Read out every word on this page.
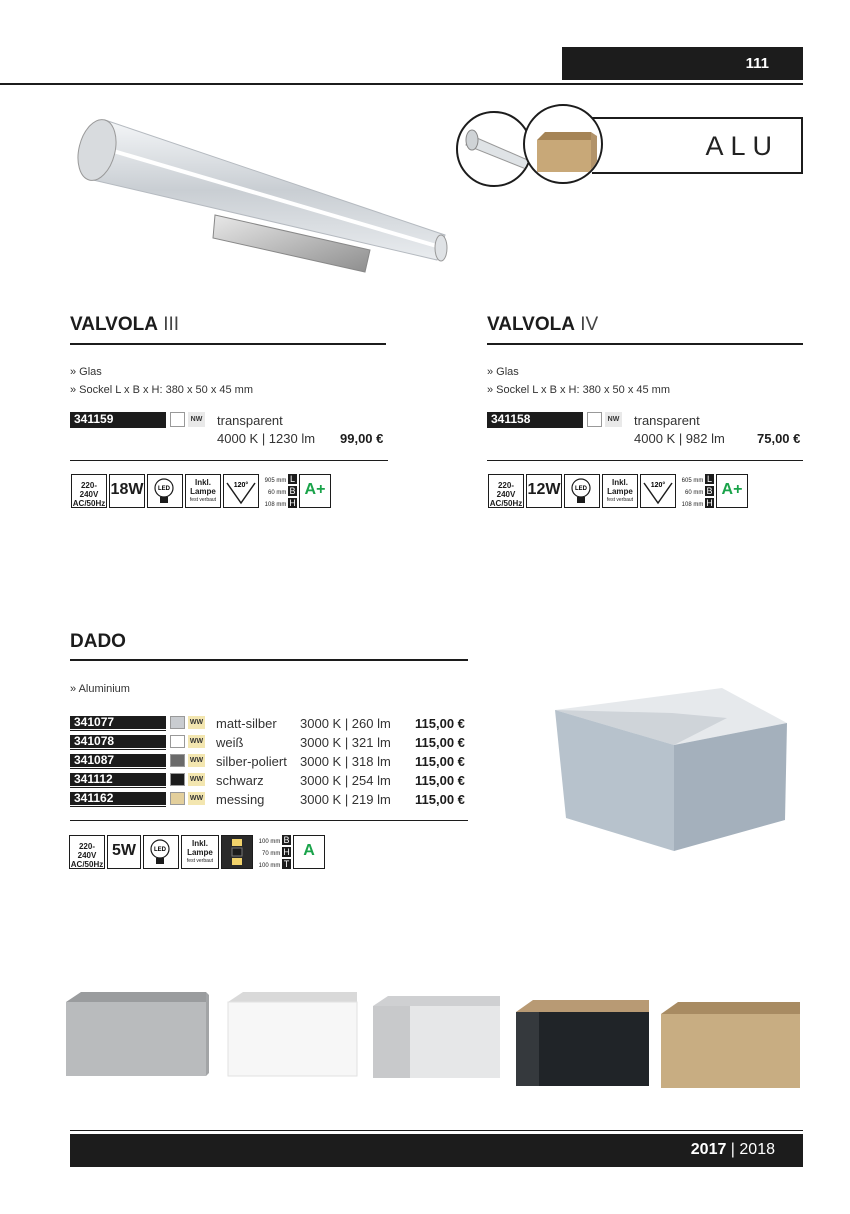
111
ALU
VALVOLA III
» Glas
» Sockel L x B x H: 380 x 50 x 45 mm
341159	NW transparent
4000 K | 1230 lm 99,00 €
220-240V
AC/50Hz
18W LED
Inkl.
Lampe
fest verbaut
120°
905 mm L
60 mm B
108 mm H
A+
VALVOLA IV
» Glas
» Sockel L x B x H: 380 x 50 x 45 mm
341158	NW transparent
4000 K | 982 lm 75,00 €
220-240V
AC/50Hz
12W LED
Inkl.
Lampe
fest verbaut
120°
605 mm L
60 mm B
108 mm H
A+
DADO
» Aluminium
341077	WW matt-silber 3000 K | 260 lm 115,00 €
341078	WW weiß	3000 K | 321 lm 115,00 €
341087	WW silber-poliert 3000 K | 318 lm 115,00 €
341112	WW schwarz	3000 K | 254 lm 115,00 €
341162	WW messing	3000 K | 219 lm 115,00 €
220-240V
AC/50Hz
5W	LED
Inkl.
Lampe
fest verbaut
100 mm B
70 mm H
100 mm T
A
2017 | 2018
